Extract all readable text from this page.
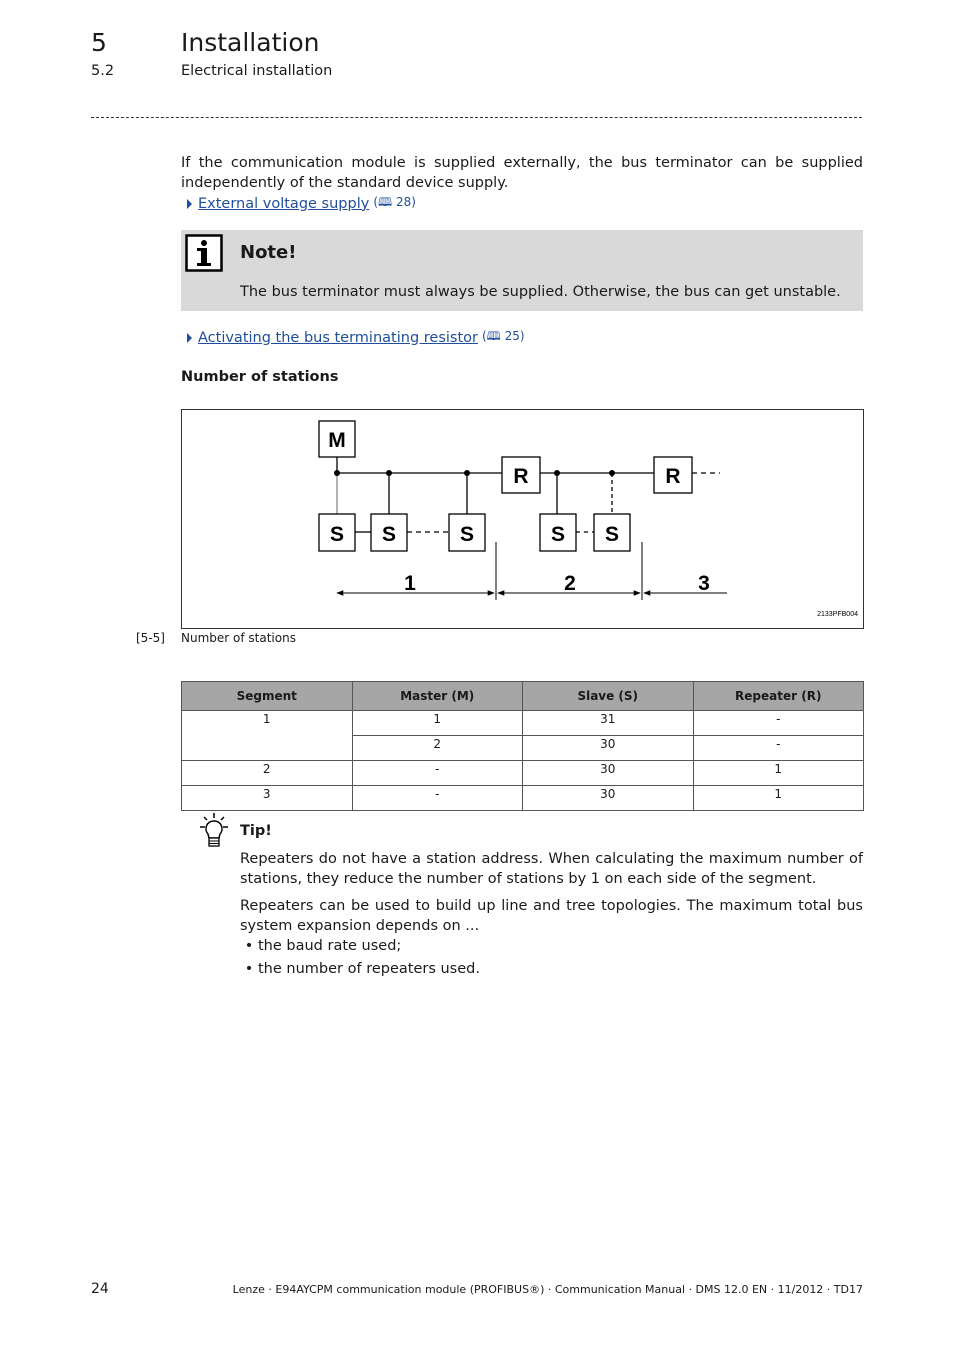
5	Installation
5.2	Electrical installation
If the communication module is supplied externally, the bus terminator can be supplied independently of the standard device supply.
External voltage supply (🕮 28)
Note!
The bus terminator must always be supplied. Otherwise, the bus can get unstable.
Activating the bus terminating resistor (🕮 25)
Number of stations
M
R	R
S S	S	S S
1	2	3
2133PFB004
[5-5] Number of stations
Segment	Master (M)	Slave (S)	Repeater (R)
1	1	31	-
	2	30	-
2	-	30	1
3	-	30	1
Tip!
Repeaters do not have a station address. When calculating the maximum number of stations, they reduce the number of stations by 1 on each side of the segment.
Repeaters can be used to build up line and tree topologies. The maximum total bus system expansion depends on ...
• the baud rate used;
• the number of repeaters used.
24	Lenze · E94AYCPM communication module (PROFIBUS®) · Communication Manual · DMS 12.0 EN · 11/2012 · TD17
